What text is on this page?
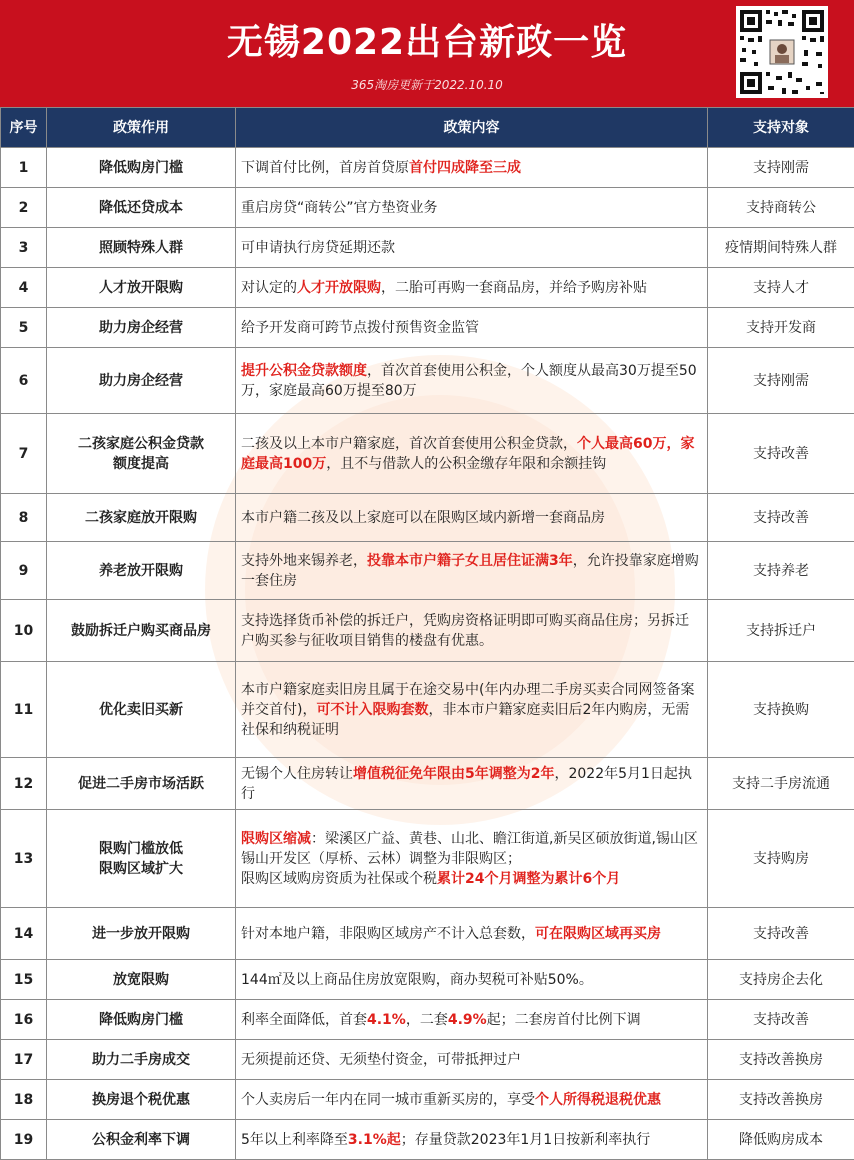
无锡2022出台新政一览
365淘房更新于2022.10.10
序号	政策作用	政策内容	支持对象
1	降低购房门槛	下调首付比例，首房首贷原首付四成降至三成	支持刚需
2	降低还贷成本	重启房贷“商转公”官方垫资业务	支持商转公
3	照顾特殊人群	可申请执行房贷延期还款	疫情期间特殊人群
4	人才放开限购	对认定的人才开放限购，二胎可再购一套商品房，并给予购房补贴	支持人才
5	助力房企经营	给予开发商可跨节点拨付预售资金监管	支持开发商
6	助力房企经营	提升公积金贷款额度，首次首套使用公积金，个人额度从最高30万提至50万，家庭最高60万提至80万	支持刚需
7	二孩家庭公积金贷款
额度提高	二孩及以上本市户籍家庭，首次首套使用公积金贷款，个人最高60万，家庭最高100万，且不与借款人的公积金缴存年限和余额挂钩	支持改善
8	二孩家庭放开限购	本市户籍二孩及以上家庭可以在限购区域内新增一套商品房	支持改善
9	养老放开限购	支持外地来锡养老，投靠本市户籍子女且居住证满3年，允许投靠家庭增购一套住房	支持养老
10	鼓励拆迁户购买商品房	支持选择货币补偿的拆迁户，凭购房资格证明即可购买商品住房；另拆迁户购买参与征收项目销售的楼盘有优惠。	支持拆迁户
11	优化卖旧买新	本市户籍家庭卖旧房且属于在途交易中(年内办理二手房买卖合同网签备案并交首付)，可不计入限购套数，非本市户籍家庭卖旧后2年内购房，无需社保和纳税证明	支持换购
12	促进二手房市场活跃	无锡个人住房转让增值税征免年限由5年调整为2年，2022年5月1日起执行	支持二手房流通
13	限购门槛放低
限购区域扩大	限购区缩减：梁溪区广益、黄巷、山北、瞻江街道,新吴区硕放街道,锡山区锡山开发区（厚桥、云林）调整为非限购区；
限购区域购房资质为社保或个税累计24个月调整为累计6个月	支持购房
14	进一步放开限购	针对本地户籍，非限购区域房产不计入总套数，可在限购区域再买房	支持改善
15	放宽限购	144㎡及以上商品住房放宽限购，商办契税可补贴50%。	支持房企去化
16	降低购房门槛	利率全面降低，首套4.1%，二套4.9%起；二套房首付比例下调	支持改善
17	助力二手房成交	无须提前还贷、无须垫付资金，可带抵押过户	支持改善换房
18	换房退个税优惠	个人卖房后一年内在同一城市重新买房的，享受个人所得税退税优惠	支持改善换房
19	公积金利率下调	5年以上利率降至3.1%起；存量贷款2023年1月1日按新利率执行	降低购房成本
